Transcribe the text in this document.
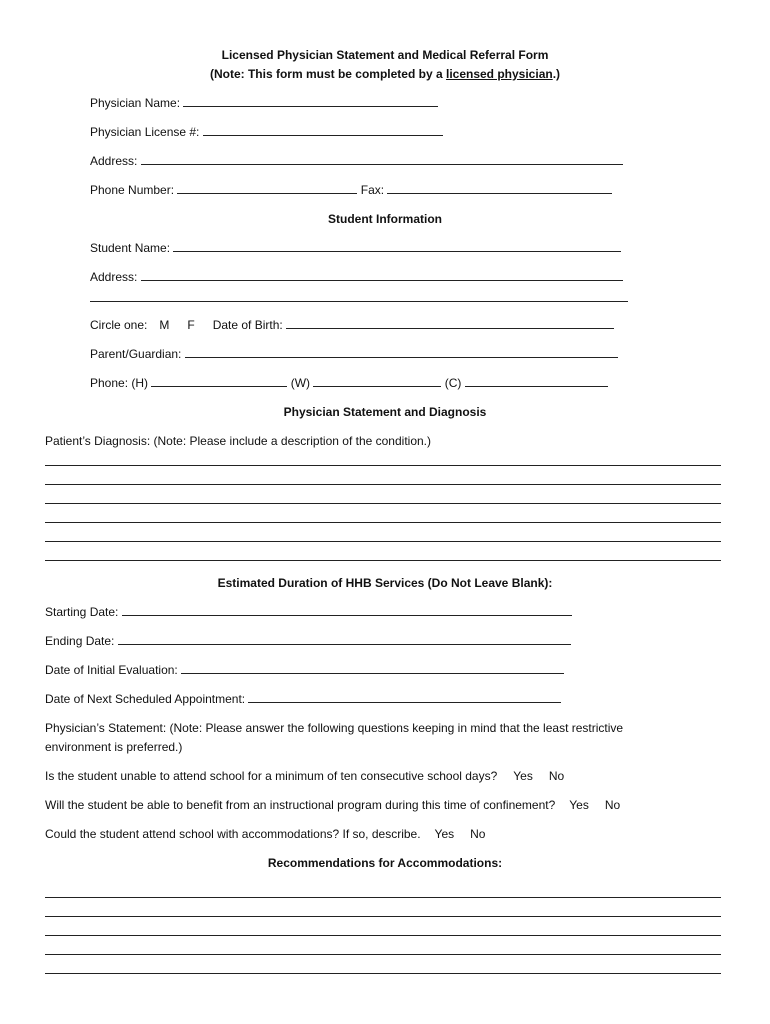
Licensed Physician Statement and Medical Referral Form
(Note: This form must be completed by a licensed physician.)
Physician Name:
Physician License #:
Address:
Phone Number:	Fax:
Student Information
Student Name:
Address:
Circle one: M F Date of Birth:
Parent/Guardian:
Phone: (H)	(W)	(C)
Physician Statement and Diagnosis
Patient’s Diagnosis: (Note: Please include a description of the condition.)
Estimated Duration of HHB Services (Do Not Leave Blank):
Starting Date:
Ending Date:
Date of Initial Evaluation:
Date of Next Scheduled Appointment:
Physician’s Statement: (Note: Please answer the following questions keeping in mind that the least restrictive
environment is preferred.)
Is the student unable to attend school for a minimum of ten consecutive school days? Yes No
Will the student be able to benefit from an instructional program during this time of confinement? Yes No
Could the student attend school with accommodations? If so, describe. Yes No
Recommendations for Accommodations:
